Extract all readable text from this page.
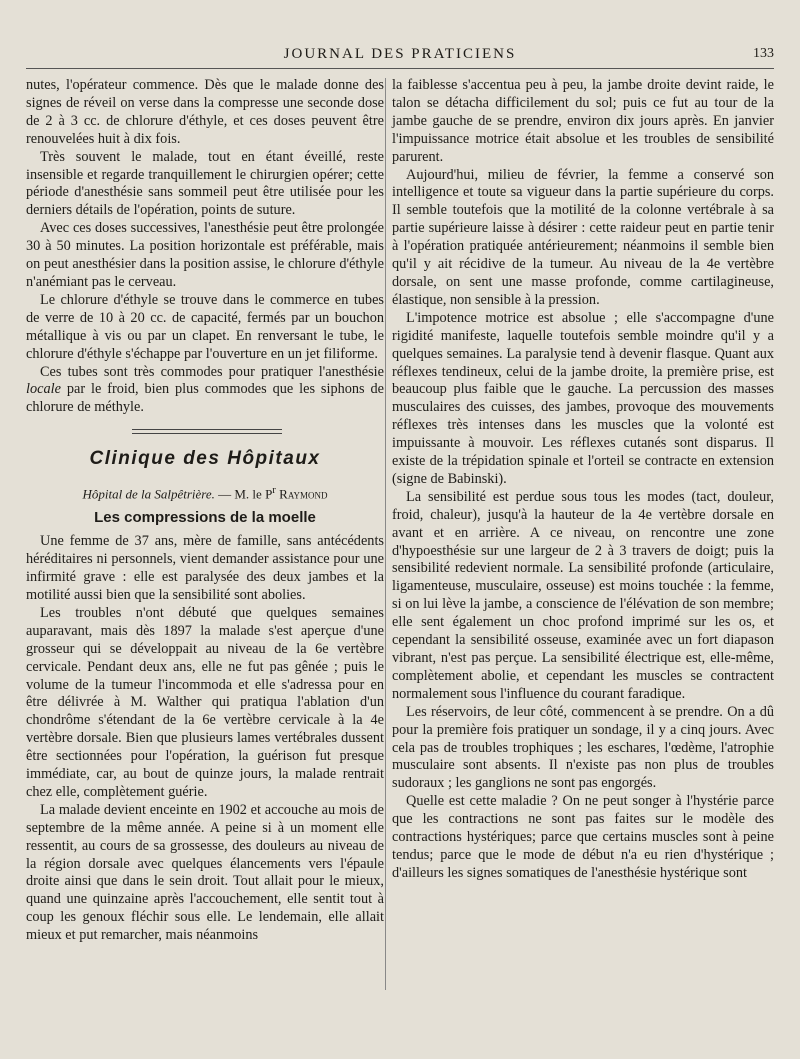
JOURNAL DES PRATICIENS	133

nutes, l'opérateur commence. Dès que le malade donne des signes de réveil on verse dans la compresse une seconde dose de 2 à 3 cc. de chlorure d'éthyle, et ces doses peuvent être renouvelées huit à dix fois.

Très souvent le malade, tout en étant éveillé, reste insensible et regarde tranquillement le chirurgien opérer; cette période d'anesthésie sans sommeil peut être utilisée pour les derniers détails de l'opération, points de suture.

Avec ces doses successives, l'anesthésie peut être prolongée 30 à 50 minutes. La position horizontale est préférable, mais on peut anesthésier dans la position assise, le chlorure d'éthyle n'anémiant pas le cerveau.

Le chlorure d'éthyle se trouve dans le commerce en tubes de verre de 10 à 20 cc. de capacité, fermés par un bouchon métallique à vis ou par un clapet. En renversant le tube, le chlorure d'éthyle s'échappe par l'ouverture en un jet filiforme.

Ces tubes sont très commodes pour pratiquer l'anesthésie locale par le froid, bien plus commodes que les siphons de chlorure de méthyle.

Clinique des Hôpitaux
Hôpital de la Salpêtrière. — M. le $P^r$ Raymond
Les compressions de la moelle

Une femme de 37 ans, mère de famille, sans antécédents héréditaires ni personnels, vient demander assistance pour une infirmité grave : elle est paralysée des deux jambes et la motilité aussi bien que la sensibilité sont abolies.

Les troubles n'ont débuté que quelques semaines auparavant, mais dès 1897 la malade s'est aperçue d'une grosseur qui se développait au niveau de la 6e vertèbre cervicale. Pendant deux ans, elle ne fut pas gênée ; puis le volume de la tumeur l'incommoda et elle s'adressa pour en être délivrée à M. Walther qui pratiqua l'ablation d'un chondrôme s'étendant de la 6e vertèbre cervicale à la 4e vertèbre dorsale. Bien que plusieurs lames vertébrales dussent être sectionnées pour l'opération, la guérison fut presque immédiate, car, au bout de quinze jours, la malade rentrait chez elle, complètement guérie.

La malade devient enceinte en 1902 et accouche au mois de septembre de la même année. A peine si à un moment elle ressentit, au cours de sa grossesse, des douleurs au niveau de la région dorsale avec quelques élancements vers l'épaule droite ainsi que dans le sein droit. Tout allait pour le mieux, quand une quinzaine après l'accouchement, elle sentit tout à coup les genoux fléchir sous elle. Le lendemain, elle allait mieux et put remarcher, mais néanmoins

la faiblesse s'accentua peu à peu, la jambe droite devint raide, le talon se détacha difficilement du sol; puis ce fut au tour de la jambe gauche de se prendre, environ dix jours après. En janvier l'impuissance motrice était absolue et les troubles de sensibilité parurent.

Aujourd'hui, milieu de février, la femme a conservé son intelligence et toute sa vigueur dans la partie supérieure du corps. Il semble toutefois que la motilité de la colonne vertébrale à sa partie supérieure laisse à désirer : cette raideur peut en partie tenir à l'opération pratiquée antérieurement; néanmoins il semble bien qu'il y ait récidive de la tumeur. Au niveau de la 4e vertèbre dorsale, on sent une masse profonde, comme cartilagineuse, élastique, non sensible à la pression.

L'impotence motrice est absolue ; elle s'accompagne d'une rigidité manifeste, laquelle toutefois semble moindre qu'il y a quelques semaines. La paralysie tend à devenir flasque. Quant aux réflexes tendineux, celui de la jambe droite, la première prise, est beaucoup plus faible que le gauche. La percussion des masses musculaires des cuisses, des jambes, provoque des mouvements réflexes très intenses dans les muscles que la volonté est impuissante à mouvoir. Les réflexes cutanés sont disparus. Il existe de la trépidation spinale et l'orteil se contracte en extension (signe de Babinski).

La sensibilité est perdue sous tous les modes (tact, douleur, froid, chaleur), jusqu'à la hauteur de la 4e vertèbre dorsale en avant et en arrière. A ce niveau, on rencontre une zone d'hypoesthésie sur une largeur de 2 à 3 travers de doigt; puis la sensibilité redevient normale. La sensibilité profonde (articulaire, ligamenteuse, musculaire, osseuse) est moins touchée : la femme, si on lui lève la jambe, a conscience de l'élévation de son membre; elle sent également un choc profond imprimé sur les os, et cependant la sensibilité osseuse, examinée avec un fort diapason vibrant, n'est pas perçue. La sensibilité électrique est, elle-même, complètement abolie, et cependant les muscles se contractent normalement sous l'influence du courant faradique.

Les réservoirs, de leur côté, commencent à se prendre. On a dû pour la première fois pratiquer un sondage, il y a cinq jours. Avec cela pas de troubles trophiques ; les eschares, l'œdème, l'atrophie musculaire sont absents. Il n'existe pas non plus de troubles sudoraux ; les ganglions ne sont pas engorgés.

Quelle est cette maladie ? On ne peut songer à l'hystérie parce que les contractions ne sont pas faites sur le modèle des contractions hystériques; parce que certains muscles sont à peine tendus; parce que le mode de début n'a eu rien d'hystérique ; d'ailleurs les signes somatiques de l'anesthésie hystérique sont
